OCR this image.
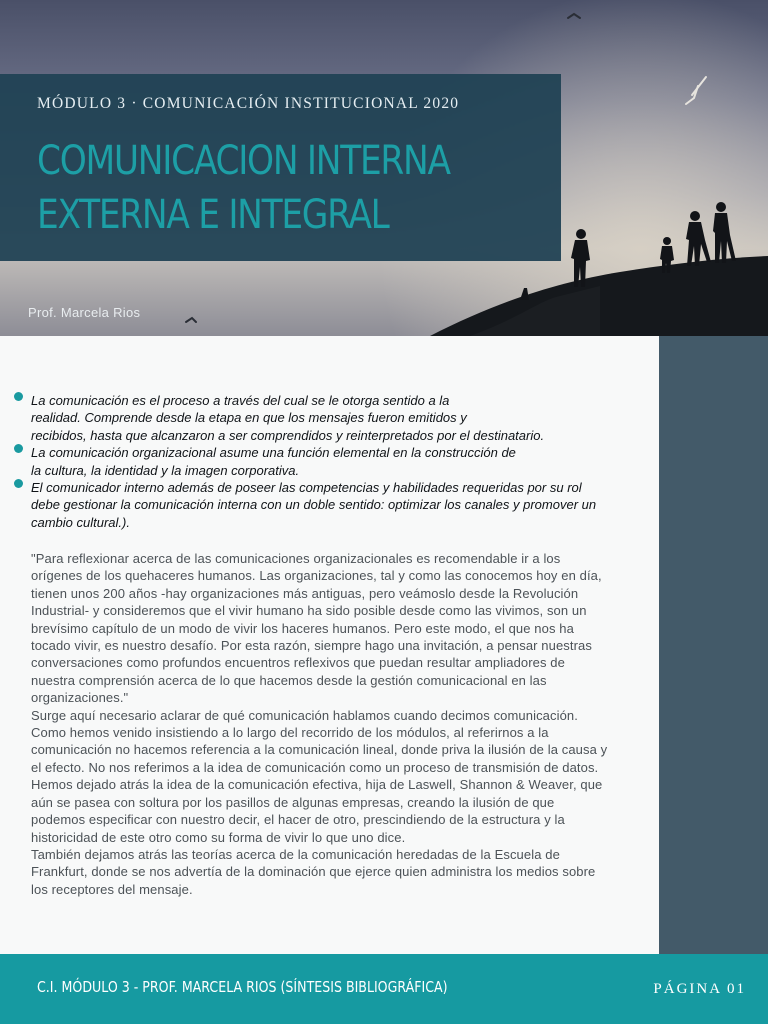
MÓDULO 3 · COMUNICACIÓN INSTITUCIONAL 2020
COMUNICACION INTERNA
EXTERNA E INTEGRAL
Prof. Marcela Rios
La comunicación es el proceso a través del cual se le otorga sentido a la
realidad. Comprende desde la etapa en que los mensajes fueron emitidos y
recibidos, hasta que alcanzaron a ser comprendidos y reinterpretados por el destinatario.
La comunicación organizacional asume una función elemental en la construcción de
la cultura, la identidad y la imagen corporativa.
El comunicador interno además de poseer las competencias y habilidades requeridas por su rol
debe gestionar la comunicación interna con un doble sentido: optimizar los canales y promover un
cambio cultural.).

"Para reflexionar acerca de las comunicaciones organizacionales es recomendable ir a los
orígenes de los quehaceres humanos. Las organizaciones, tal y como las conocemos hoy en día,
tienen unos 200 años -hay organizaciones más antiguas, pero veámoslo desde la Revolución
Industrial- y consideremos que el vivir humano ha sido posible desde como las vivimos, son un
brevísimo capítulo de un modo de vivir los haceres humanos. Pero este modo, el que nos ha
tocado vivir, es nuestro desafío. Por esta razón, siempre hago una invitación, a pensar nuestras
conversaciones como profundos encuentros reflexivos que puedan resultar ampliadores de
nuestra comprensión acerca de lo que hacemos desde la gestión comunicacional en las
organizaciones."

Surge aquí necesario aclarar de qué comunicación hablamos cuando decimos comunicación.
Como hemos venido insistiendo a lo largo del recorrido de los módulos, al referirnos a la
comunicación no hacemos referencia a la comunicación lineal, donde priva la ilusión de la causa y
el efecto. No nos referimos a la idea de comunicación como un proceso de transmisión de datos.
Hemos dejado atrás la idea de la comunicación efectiva, hija de Laswell, Shannon & Weaver, que
aún se pasea con soltura por los pasillos de algunas empresas, creando la ilusión de que
podemos especificar con nuestro decir, el hacer de otro, prescindiendo de la estructura y la
historicidad de este otro como su forma de vivir lo que uno dice.

También dejamos atrás las teorías acerca de la comunicación heredadas de la Escuela de
Frankfurt, donde se nos advertía de la dominación que ejerce quien administra los medios sobre
los receptores del mensaje.

C.I. MÓDULO 3 - PROF. MARCELA RIOS (SÍNTESIS BIBLIOGRÁFICA)	PÁGINA 01
